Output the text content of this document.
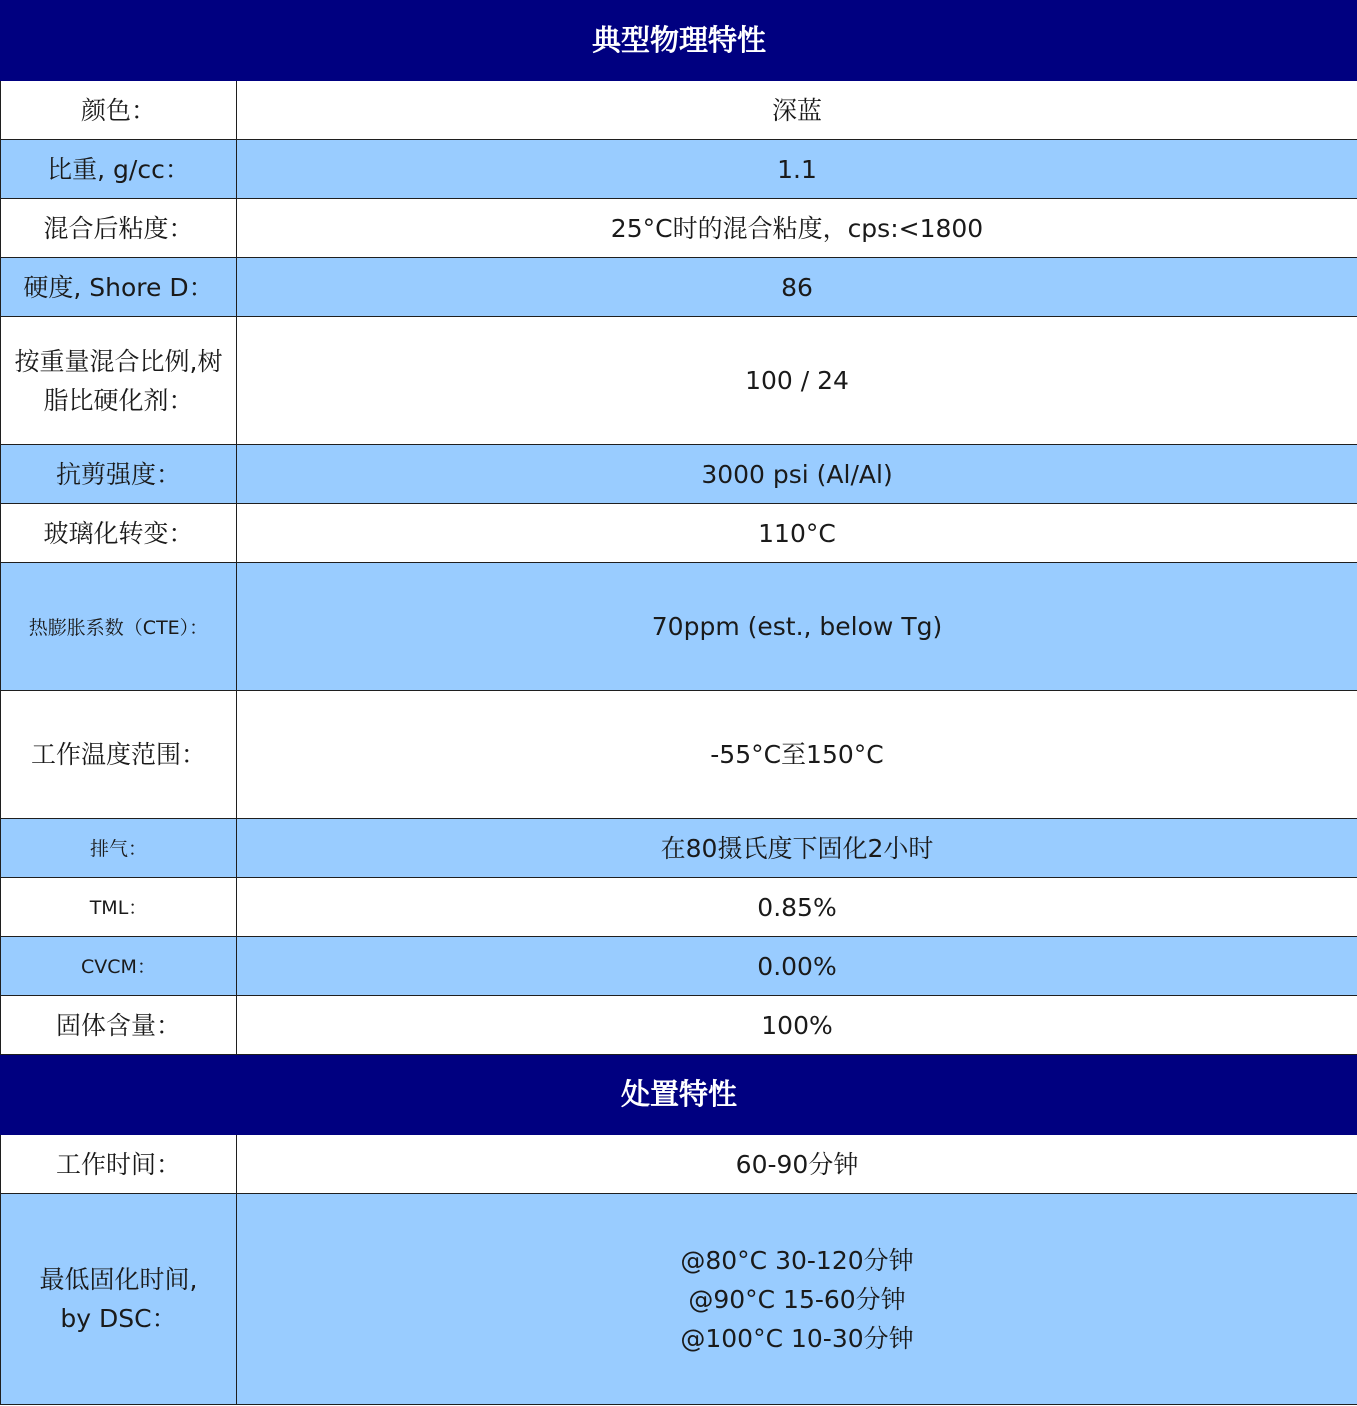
典型物理特性	
颜色：	深蓝
比重, g/cc：	1.1
混合后粘度：	25°C时的混合粘度，cps:<1800
硬度, Shore D：	86

按重量混合比例,树
脂比硬化剂：	100 / 24
抗剪强度：	3000 psi (Al/Al)
玻璃化转变：	110°C
热膨胀系数（CTE）：	70ppm (est., below Tg)
工作温度范围：	-55°C至150°C
排气：	在80摄氏度下固化2小时
TML：	0.85%
CVCM：	0.00%
固体含量：	100%
处置特性	
工作时间：	60-90分钟

最低固化时间,
by DSC：	@80°C 30-120分钟
@90°C 15-60分钟
@100°C 10-30分钟
